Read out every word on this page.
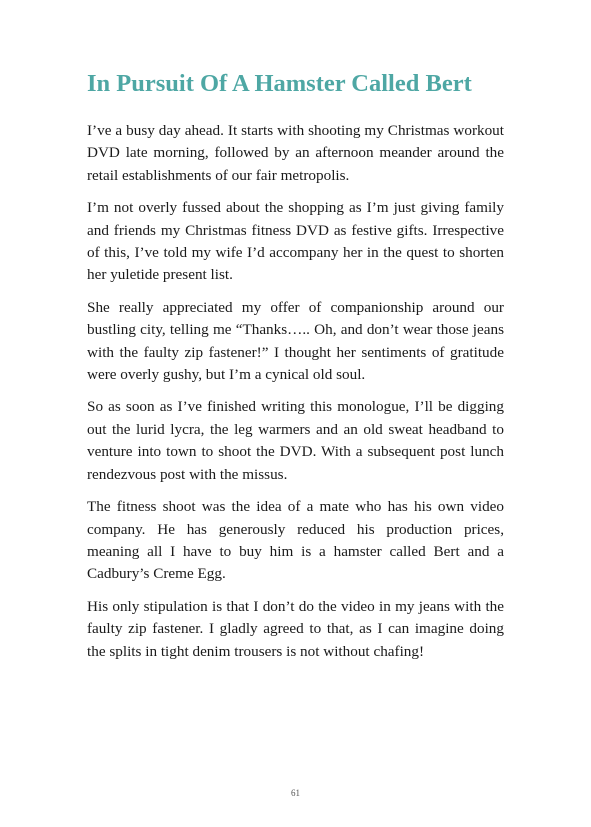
In Pursuit Of A Hamster Called Bert

I’ve a busy day ahead. It starts with shooting my Christmas workout DVD late morning, followed by an afternoon meander around the retail establishments of our fair metropolis.

I’m not overly fussed about the shopping as I’m just giving family and friends my Christmas fitness DVD as festive gifts. Irrespective of this, I’ve told my wife I’d accompany her in the quest to shorten her yuletide present list.

She really appreciated my offer of companionship around our bustling city, telling me “Thanks….. Oh, and don’t wear those jeans with the faulty zip fastener!” I thought her sentiments of gratitude were overly gushy, but I’m a cynical old soul.

So as soon as I’ve finished writing this monologue, I’ll be digging out the lurid lycra, the leg warmers and an old sweat headband to venture into town to shoot the DVD. With a subsequent post lunch rendezvous post with the missus.

The fitness shoot was the idea of a mate who has his own video company. He has generously reduced his production prices, meaning all I have to buy him is a hamster called Bert and a Cadbury’s Creme Egg.

His only stipulation is that I don’t do the video in my jeans with the faulty zip fastener. I gladly agreed to that, as I can imagine doing the splits in tight denim trousers is not without chafing!

61
